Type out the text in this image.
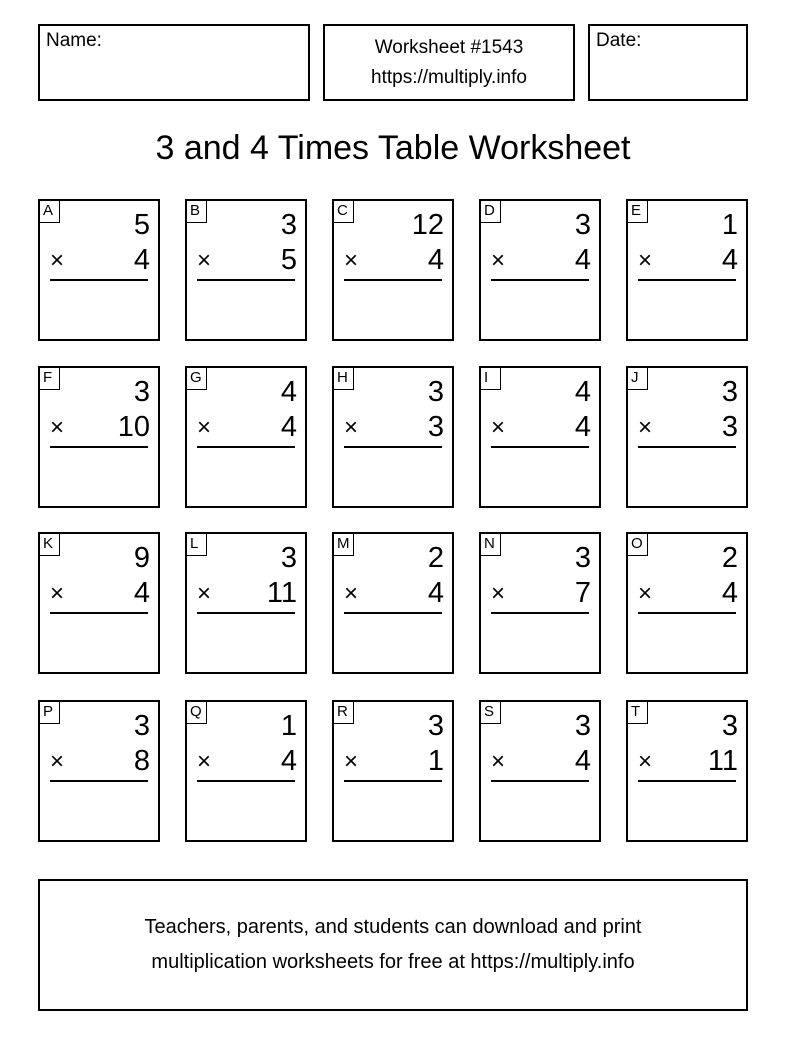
Name:	Worksheet #1543
https://multiply.info
Date:
3 and 4 Times Table Worksheet
A	5
× 4
B	3
× 5
C 12
× 4
D	3
× 4
E	1
× 4
F	3
× 10
G	4
× 4
H	3
× 3
I	4
× 4
J	3
× 3
K	9
× 4
L	3
× 11
M	2
× 4
N	3
× 7
O	2
× 4
P	3
× 8
Q	1
× 4
R	3
× 1
S	3
× 4
T	3
× 11
Teachers, parents, and students can download and print
multiplication worksheets for free at https://multiply.info
